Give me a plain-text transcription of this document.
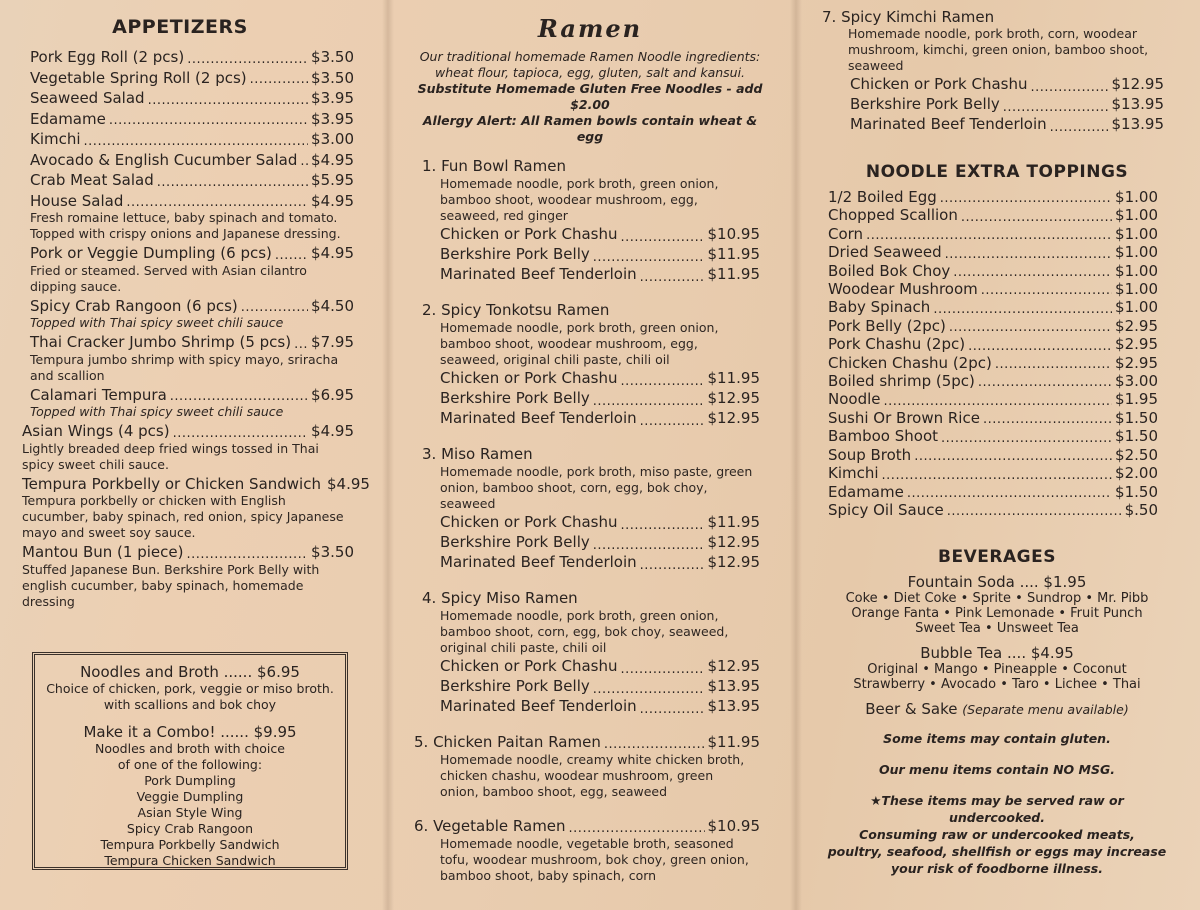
APPETIZERS
Pork Egg Roll (2 pcs) .....	$3.50
Vegetable Spring Roll (2 pcs) .....	$3.50
Seaweed Salad .....	$3.95
Edamame .....	$3.95
Kimchi .....	$3.00
Avocado & English Cucumber Salad ..... $4.95
Crab Meat Salad .....	$5.95
House Salad .....	$4.95
Fresh romaine lettuce, baby spinach and tomato. Topped with crispy onions and Japanese dressing.
Pork or Veggie Dumpling (6 pcs) .....	$4.95
Fried or steamed. Served with Asian cilantro dipping sauce.
Spicy Crab Rangoon (6 pcs) .....	$4.50
Topped with Thai spicy sweet chili sauce
Thai Cracker Jumbo Shrimp (5 pcs) ..... $7.95
Tempura jumbo shrimp with spicy mayo, sriracha and scallion
Calamari Tempura .....	$6.95
Topped with Thai spicy sweet chili sauce
Asian Wings (4 pcs) .....	$4.95
Lightly breaded deep fried wings tossed in Thai spicy sweet chili sauce.
Tempura Porkbelly or Chicken Sandwich $4.95
Tempura porkbelly or chicken with English cucumber, baby spinach, red onion, spicy Japanese mayo and sweet soy sauce.
Mantou Bun (1 piece) .....	$3.50
Stuffed Japanese Bun. Berkshire Pork Belly with english cucumber, baby spinach, homemade dressing
Noodles and Broth ...... $6.95
Choice of chicken, pork, veggie or miso broth. with scallions and bok choy
Make it a Combo! ...... $9.95
Noodles and broth with choice
of one of the following:
Pork Dumpling
Veggie Dumpling
Asian Style Wing
Spicy Crab Rangoon
Tempura Porkbelly Sandwich
Tempura Chicken Sandwich
Ramen
Our traditional homemade Ramen Noodle ingredients:
wheat flour, tapioca, egg, gluten, salt and kansui.
Substitute Homemade Gluten Free Noodles - add $2.00
Allergy Alert: All Ramen bowls contain wheat & egg
1. Fun Bowl Ramen
Homemade noodle, pork broth, green onion, bamboo shoot, woodear mushroom, egg, seaweed, red ginger
Chicken or Pork Chashu .....	$10.95
Berkshire Pork Belly .....	$11.95
Marinated Beef Tenderloin .....	$11.95
2. Spicy Tonkotsu Ramen
Homemade noodle, pork broth, green onion, bamboo shoot, woodear mushroom, egg, seaweed, original chili paste, chili oil
Chicken or Pork Chashu .....	$11.95
Berkshire Pork Belly .....	$12.95
Marinated Beef Tenderloin .....	$12.95
3. Miso Ramen
Homemade noodle, pork broth, miso paste, green onion, bamboo shoot, corn, egg, bok choy, seaweed
Chicken or Pork Chashu .....	$11.95
Berkshire Pork Belly .....	$12.95
Marinated Beef Tenderloin .....	$12.95
4. Spicy Miso Ramen
Homemade noodle, pork broth, green onion, bamboo shoot, corn, egg, bok choy, seaweed, original chili paste, chili oil
Chicken or Pork Chashu .....	$12.95
Berkshire Pork Belly .....	$13.95
Marinated Beef Tenderloin .....	$13.95
5. Chicken Paitan Ramen .....	$11.95
Homemade noodle, creamy white chicken broth, chicken chashu, woodear mushroom, green onion, bamboo shoot, egg, seaweed
6. Vegetable Ramen .....	$10.95
Homemade noodle, vegetable broth, seasoned tofu, woodear mushroom, bok choy, green onion, bamboo shoot, baby spinach, corn
7. Spicy Kimchi Ramen
Homemade noodle, pork broth, corn, woodear mushroom, kimchi, green onion, bamboo shoot, seaweed
Chicken or Pork Chashu .....	$12.95
Berkshire Pork Belly .....	$13.95
Marinated Beef Tenderloin .....	$13.95
NOODLE EXTRA TOPPINGS
1/2 Boiled Egg .....	$1.00
Chopped Scallion .....	$1.00
Corn .....	$1.00
Dried Seaweed .....	$1.00
Boiled Bok Choy .....	$1.00
Woodear Mushroom .....	$1.00
Baby Spinach .....	$1.00
Pork Belly (2pc) .....	$2.95
Pork Chashu (2pc) .....	$2.95
Chicken Chashu (2pc) .....	$2.95
Boiled shrimp (5pc) .....	$3.00
Noodle .....	$1.95
Sushi Or Brown Rice .....	$1.50
Bamboo Shoot .....	$1.50
Soup Broth .....	$2.50
Kimchi .....	$2.00
Edamame .....	$1.50
Spicy Oil Sauce .....	$.50
BEVERAGES
Fountain Soda .... $1.95
Coke • Diet Coke • Sprite • Sundrop • Mr. Pibb
Orange Fanta • Pink Lemonade • Fruit Punch
Sweet Tea • Unsweet Tea
Bubble Tea .... $4.95
Original • Mango • Pineapple • Coconut
Strawberry • Avocado • Taro • Lichee • Thai
Beer & Sake (Separate menu available)
Some items may contain gluten.
Our menu items contain NO MSG.
★These items may be served raw or undercooked.
Consuming raw or undercooked meats,
poultry, seafood, shellfish or eggs may increase
your risk of foodborne illness.
